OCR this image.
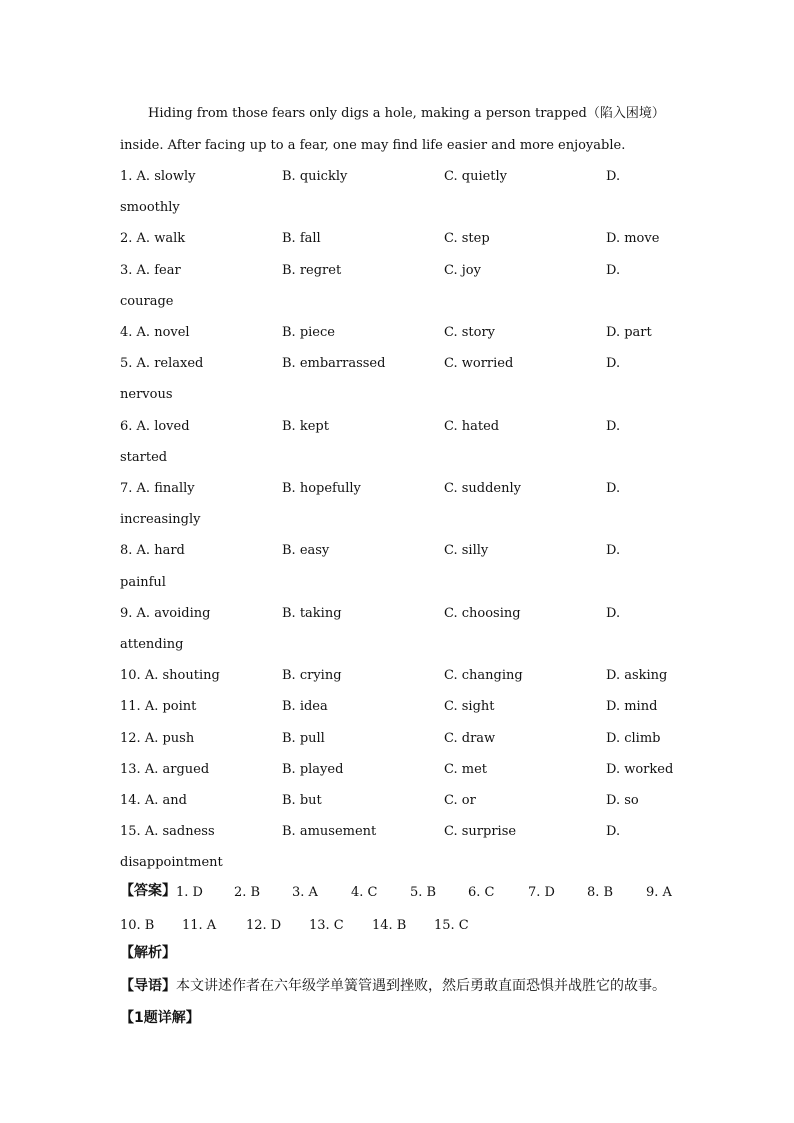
Hiding from those fears only digs a hole, making a person trapped（陷入困境）
inside. After facing up to a fear, one may find life easier and more enjoyable.
1. A. slowly	B. quickly	C. quietly	D.
smoothly
2. A. walk	B. fall	C. step	D. move
3. A. fear	B. regret	C. joy	D.
courage
4. A. novel	B. piece	C. story	D. part
5. A. relaxed	B. embarrassed	C. worried	D.
nervous
6. A. loved	B. kept	C. hated	D.
started
7. A. finally	B. hopefully	C. suddenly	D.
increasingly
8. A. hard	B. easy	C. silly	D.
painful
9. A. avoiding	B. taking	C. choosing	D.
attending
10. A. shouting	B. crying	C. changing	D. asking
11. A. point	B. idea	C. sight	D. mind
12. A. push	B. pull	C. draw	D. climb
13. A. argued	B. played	C. met	D. worked
14. A. and	B. but	C. or	D. so
15. A. sadness	B. amusement	C. surprise	D.
disappointment
【答案】 1. D 2. B 3. A	4. C	5. B 6. C	7. D 8. B	9. A
10. B 11. A 12. D 13. C 14. B 15. C
【解析】
【导语】本文讲述作者在六年级学单簧管遇到挫败，然后勇敢直面恐惧并战胜它的故事。
【1题详解】
